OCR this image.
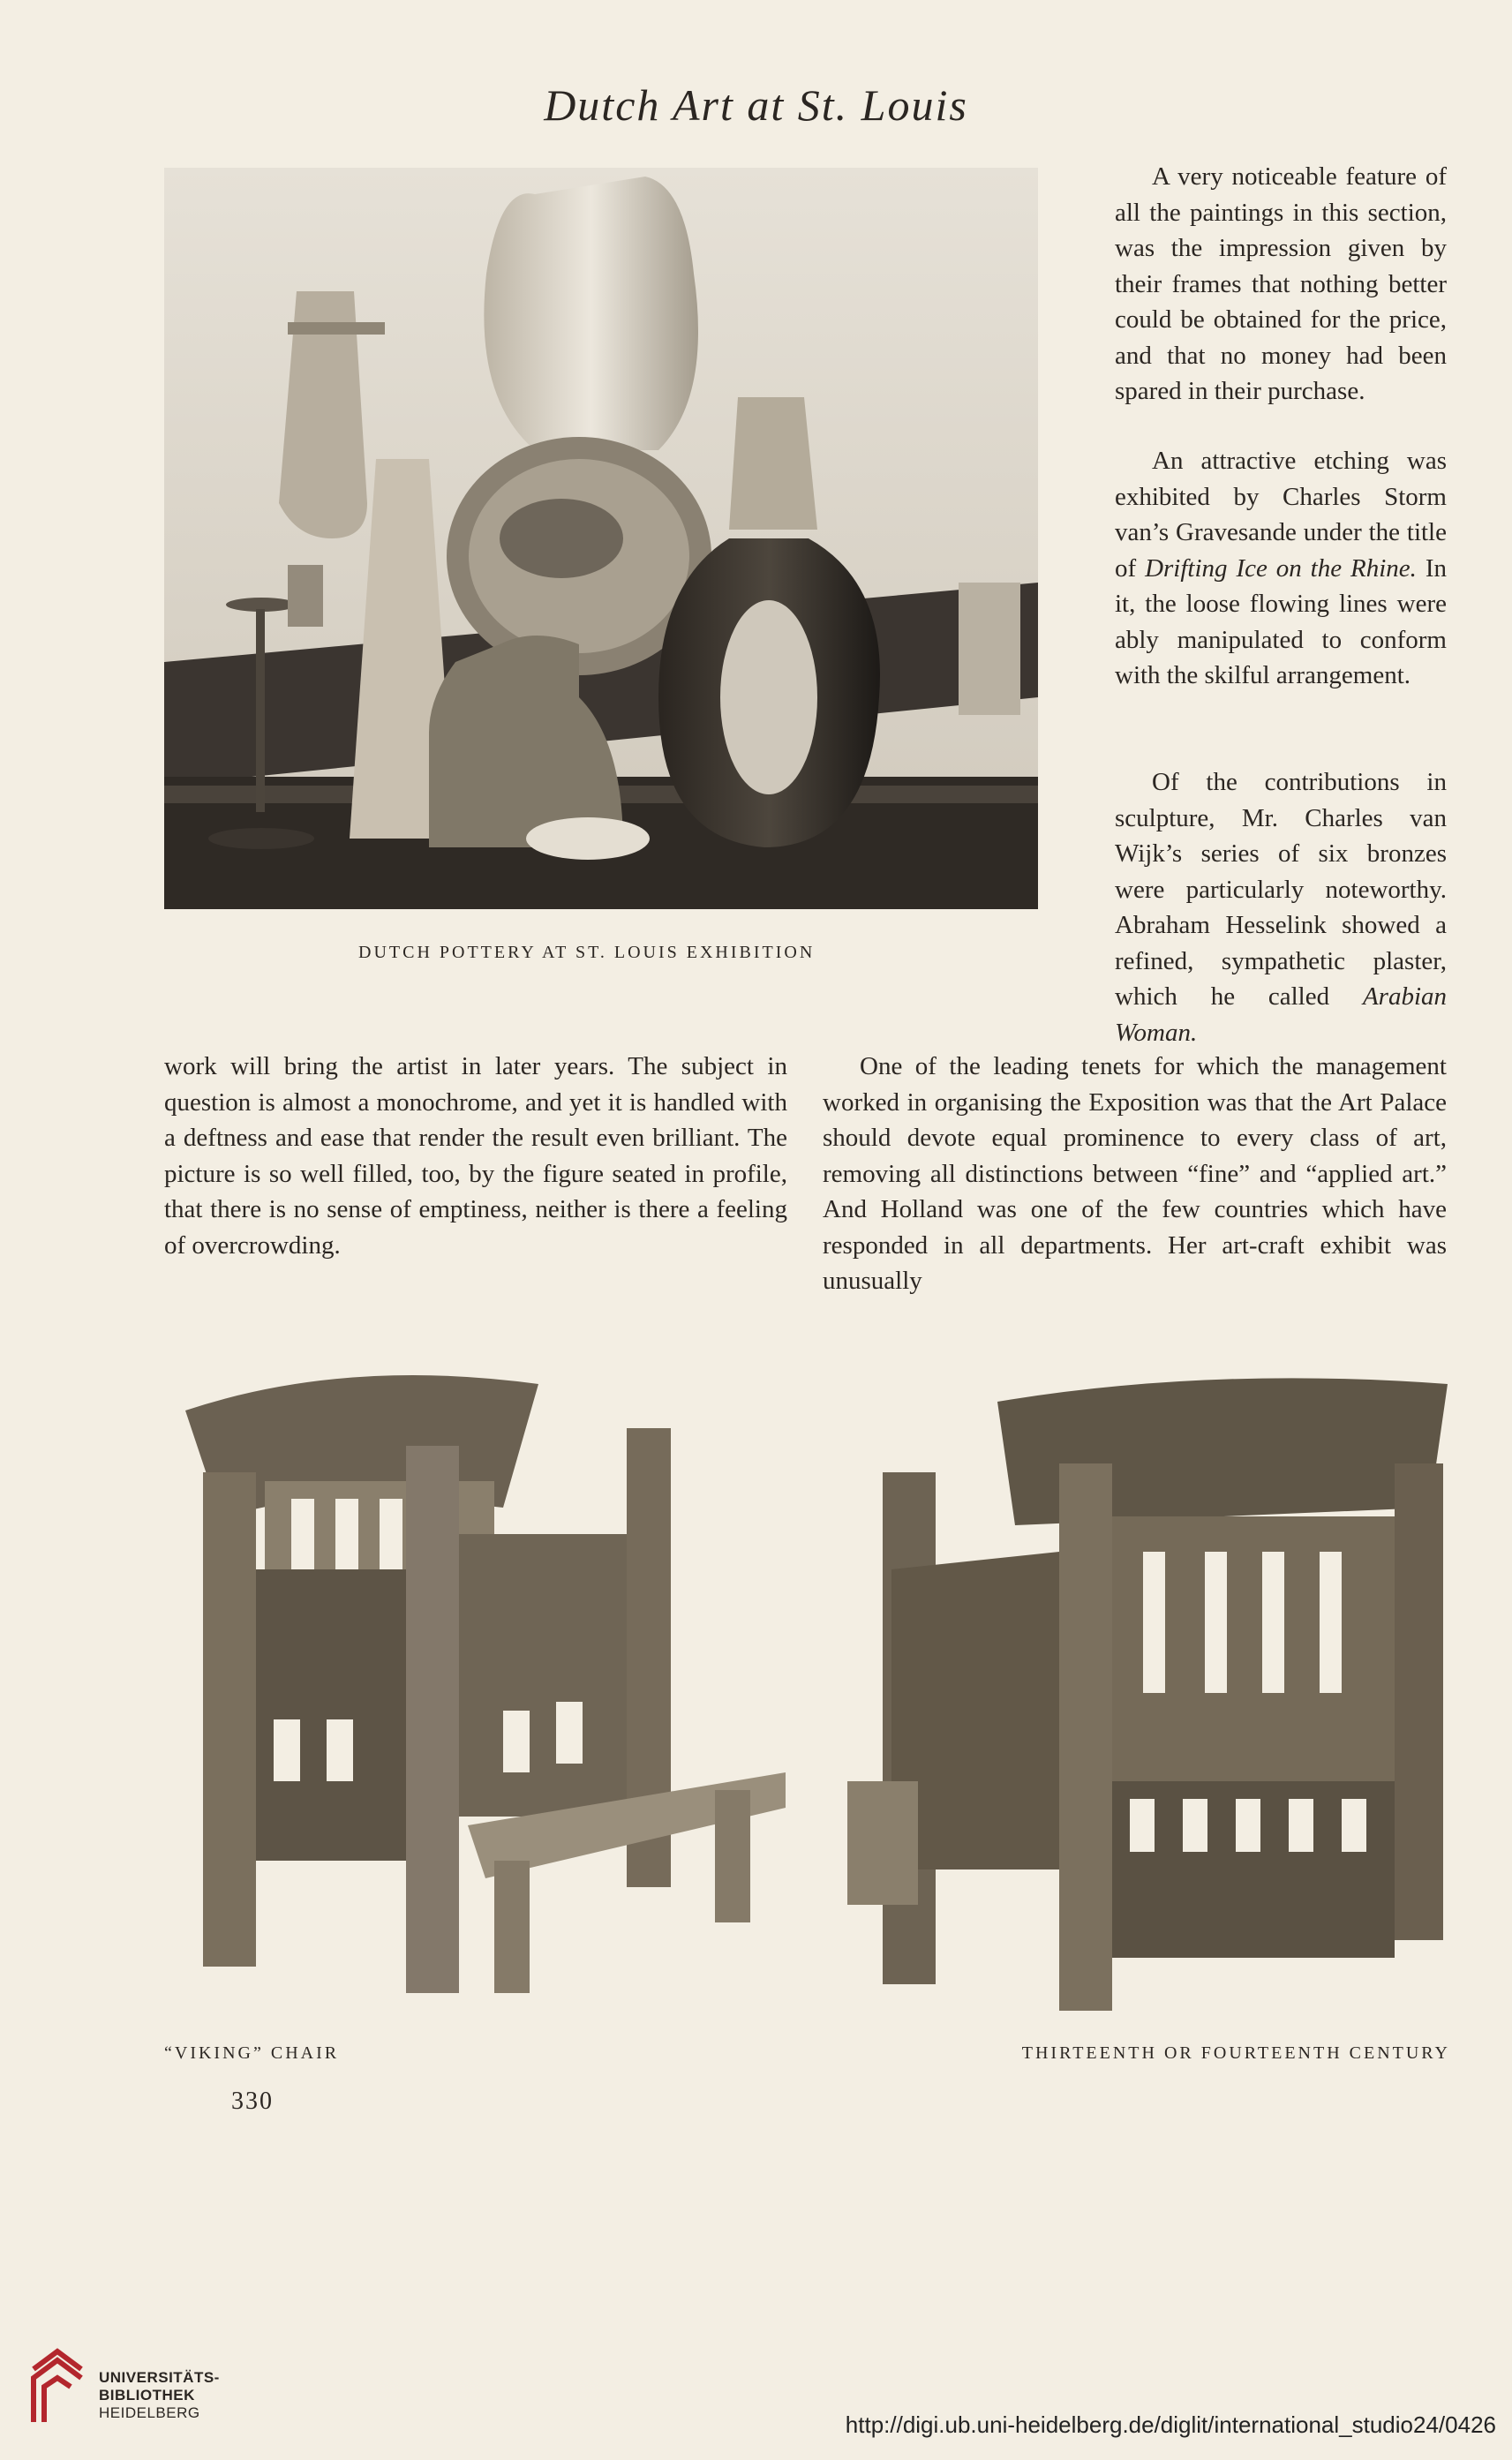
Dutch Art at St. Louis
DUTCH POTTERY AT ST. LOUIS EXHIBITION

A very noticeable feature of all the paintings in this section, was the impression given by their frames that nothing better could be obtained for the price, and that no money had been spared in their purchase.

An attractive etching was exhibited by Charles Storm van’s Gravesande under the title of Drifting Ice on the Rhine. In it, the loose flowing lines were ably manipulated to conform with the skilful arrangement.

Of the contributions in sculpture, Mr. Charles van Wijk’s series of six bronzes were particularly noteworthy. Abraham Hesselink showed a refined, sympathetic plaster, which he called Arabian Woman.

work will bring the artist in later years. The subject in question is almost a monochrome, and yet it is handled with a deftness and ease that render the result even brilliant. The picture is so well filled, too, by the figure seated in profile, that there is no sense of emptiness, neither is there a feeling of overcrowding.

One of the leading tenets for which the management worked in organising the Exposition was that the Art Palace should devote equal prominence to every class of art, removing all distinctions between “fine” and “applied art.” And Holland was one of the few countries which have responded in all departments. Her art-craft exhibit was unusually

“VIKING” CHAIR	THIRTEENTH OR FOURTEENTH CENTURY
330
UNIVERSITÄTS-
BIBLIOTHEK
HEIDELBERG	http://digi.ub.uni-heidelberg.de/diglit/international_studio24/0426
